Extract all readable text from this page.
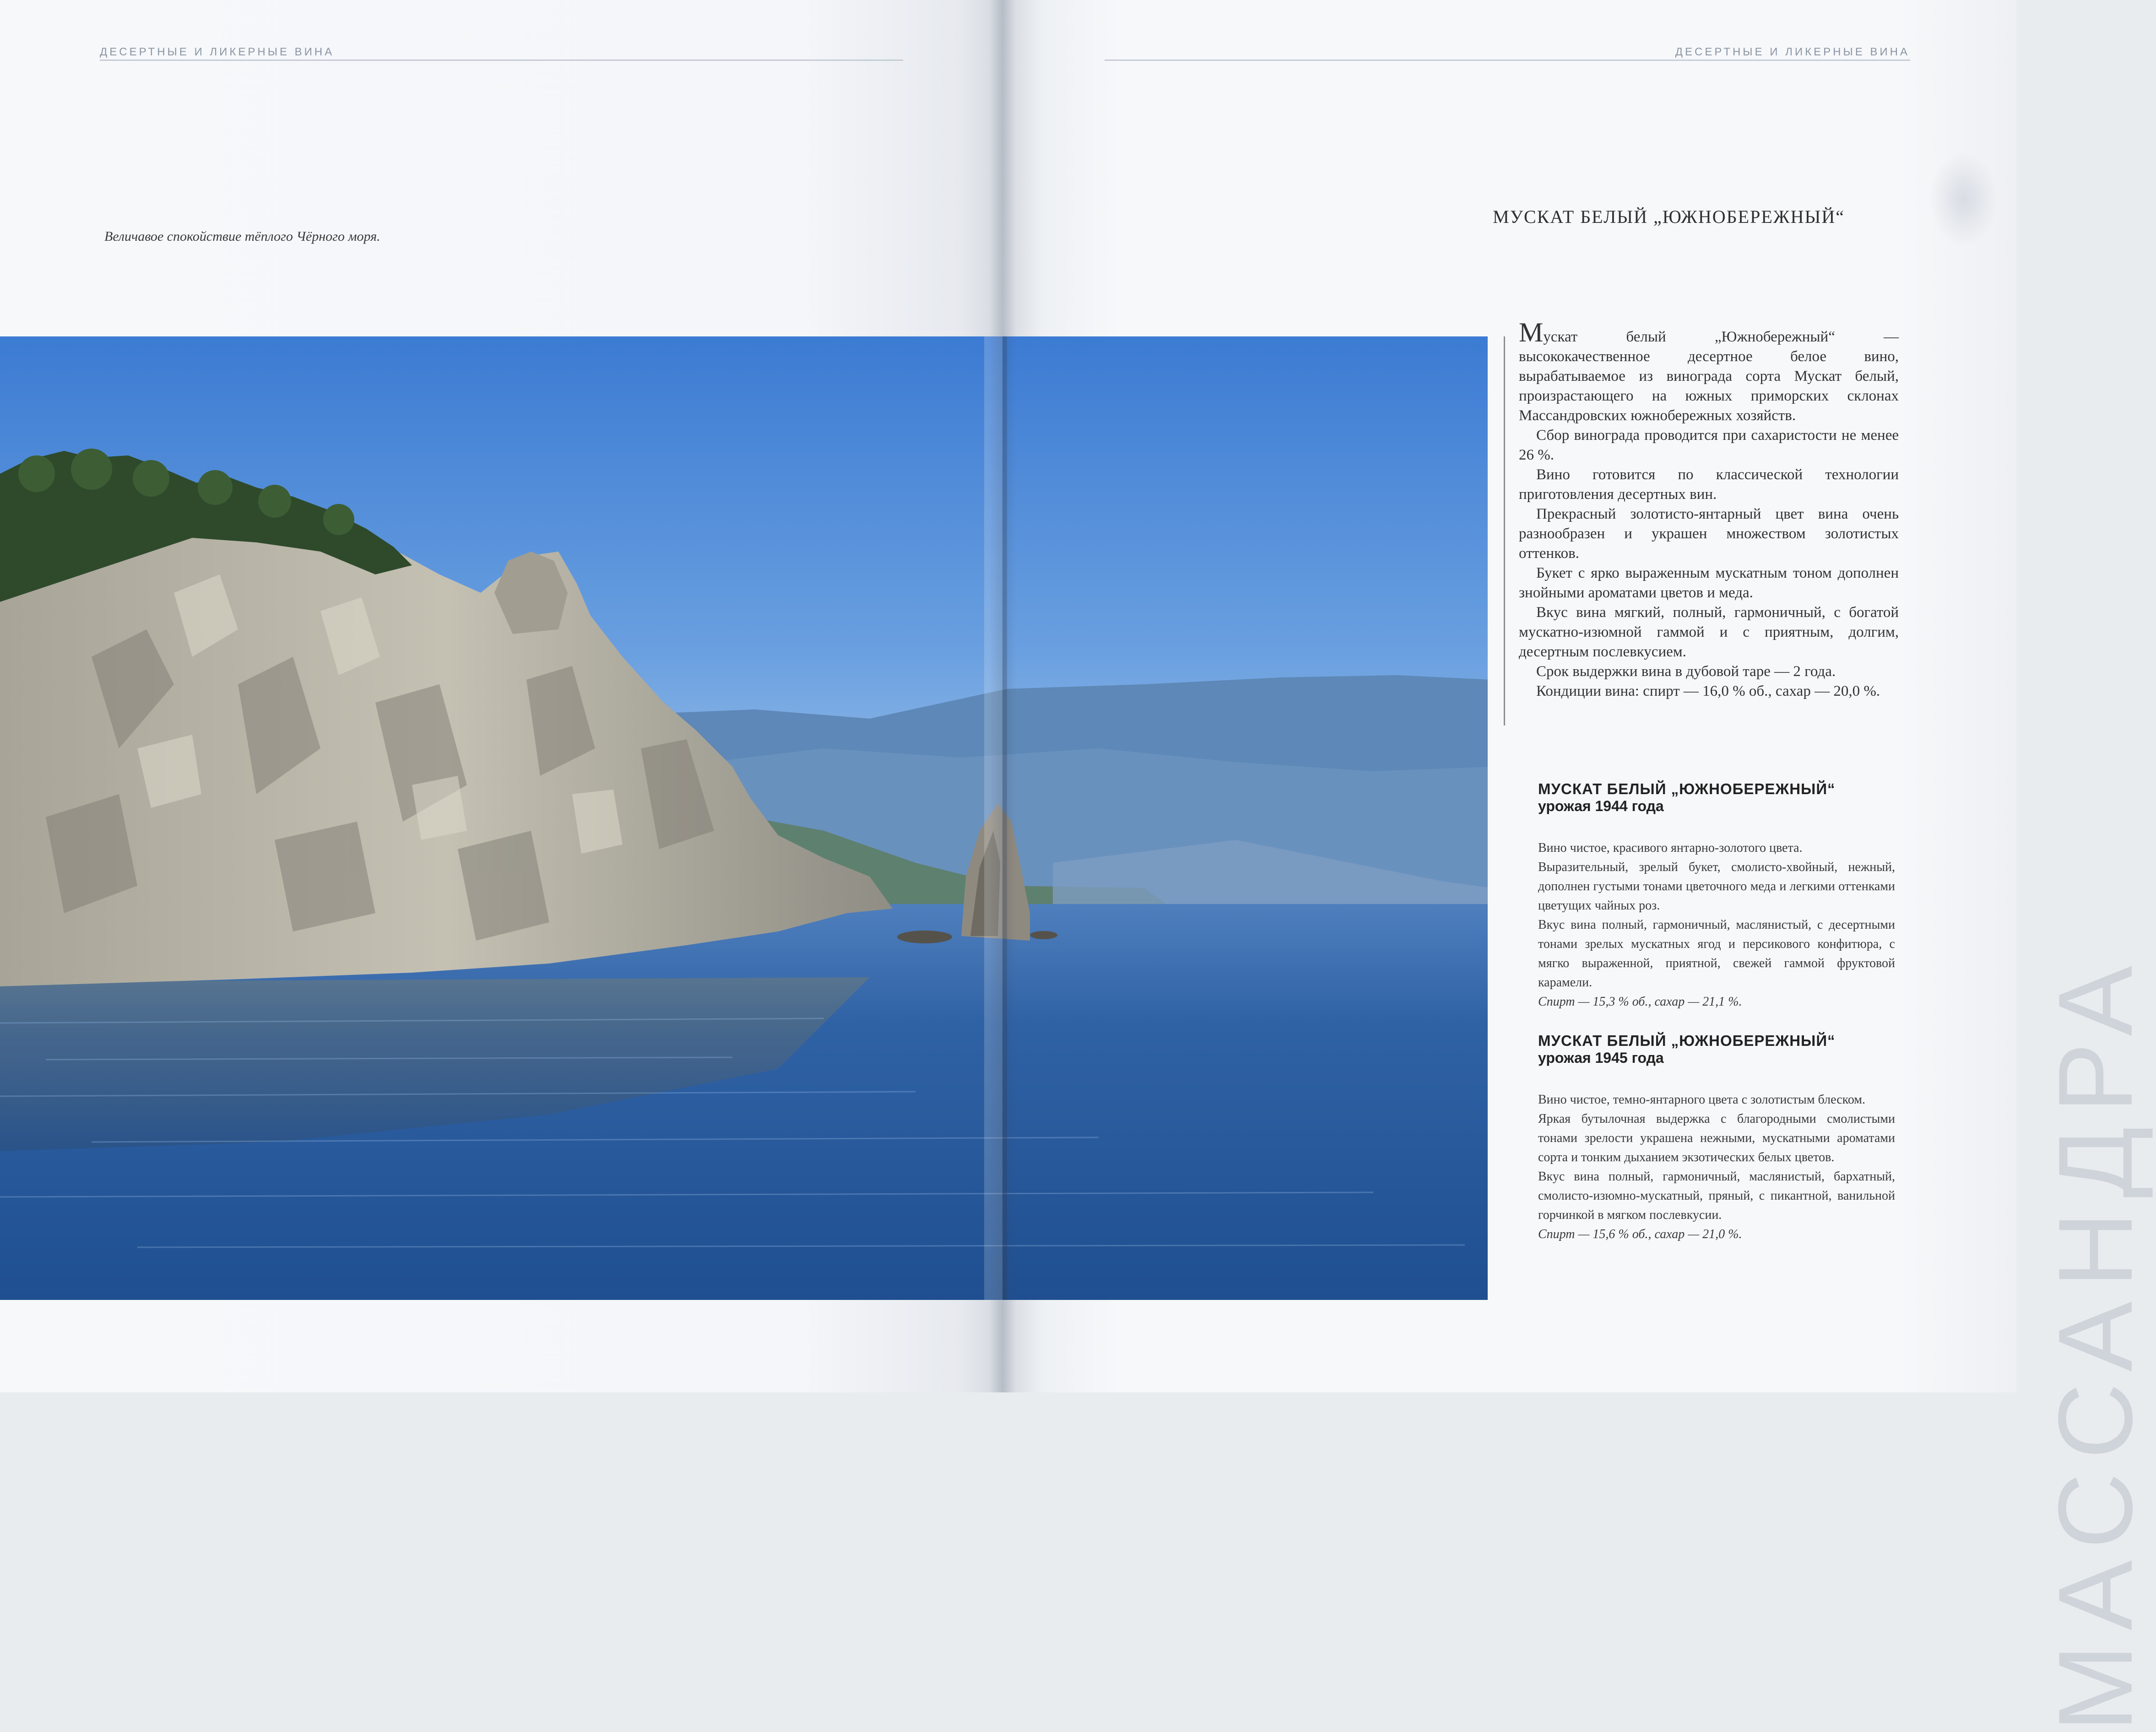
ДЕСЕРТНЫЕ И ЛИКЕРНЫЕ ВИНА	ДЕСЕРТНЫЕ И ЛИКЕРНЫЕ ВИНА
Величавое спокойствие тёплого Чёрного моря.
МУСКАТ БЕЛЫЙ „ЮЖНОБЕРЕЖНЫЙ“

Мускат белый „Южнобережный“ — высококачественное десертное белое вино, вырабатываемое из винограда сорта Мускат белый, произрастающего на южных приморских склонах Массандровских южнобережных хозяйств.

Сбор винограда проводится при сахаристости не менее 26 %.

Вино готовится по классической технологии приготовления десертных вин.

Прекрасный золотисто-янтарный цвет вина очень разнообразен и украшен множеством золотистых оттенков.

Букет с ярко выраженным мускатным тоном дополнен знойными ароматами цветов и меда.

Вкус вина мягкий, полный, гармоничный, с богатой мускатно-изюмной гаммой и с приятным, долгим, десертным послевкусием.

Срок выдержки вина в дубовой таре — 2 года.

Кондиции вина: спирт — 16,0 % об., сахар — 20,0 %.

МУСКАТ БЕЛЫЙ „ЮЖНОБЕРЕЖНЫЙ“
урожая 1944 года

Вино чистое, красивого янтарно-золотого цвета.

Выразительный, зрелый букет, смолисто-хвойный, нежный, дополнен густыми тонами цветочного меда и легкими оттенками цветущих чайных роз.

Вкус вина полный, гармоничный, маслянистый, с десертными тонами зрелых мускатных ягод и персикового конфитюра, с мягко выраженной, приятной, свежей гаммой фруктовой карамели.

Спирт — 15,3 % об., сахар — 21,1 %.

МУСКАТ БЕЛЫЙ „ЮЖНОБЕРЕЖНЫЙ“
урожая 1945 года

Вино чистое, темно-янтарного цвета с золотистым блеском.

Яркая бутылочная выдержка с благородными смолистыми тонами зрелости украшена нежными, мускатными ароматами сорта и тонким дыханием экзотических белых цветов.

Вкус вина полный, гармоничный, маслянистый, бархатный, смолисто-изюмно-мускатный, пряный, с пикантной, ванильной горчинкой в мягком послевкусии.

Спирт — 15,6 % об., сахар — 21,0 %.	МАССАНДРА
